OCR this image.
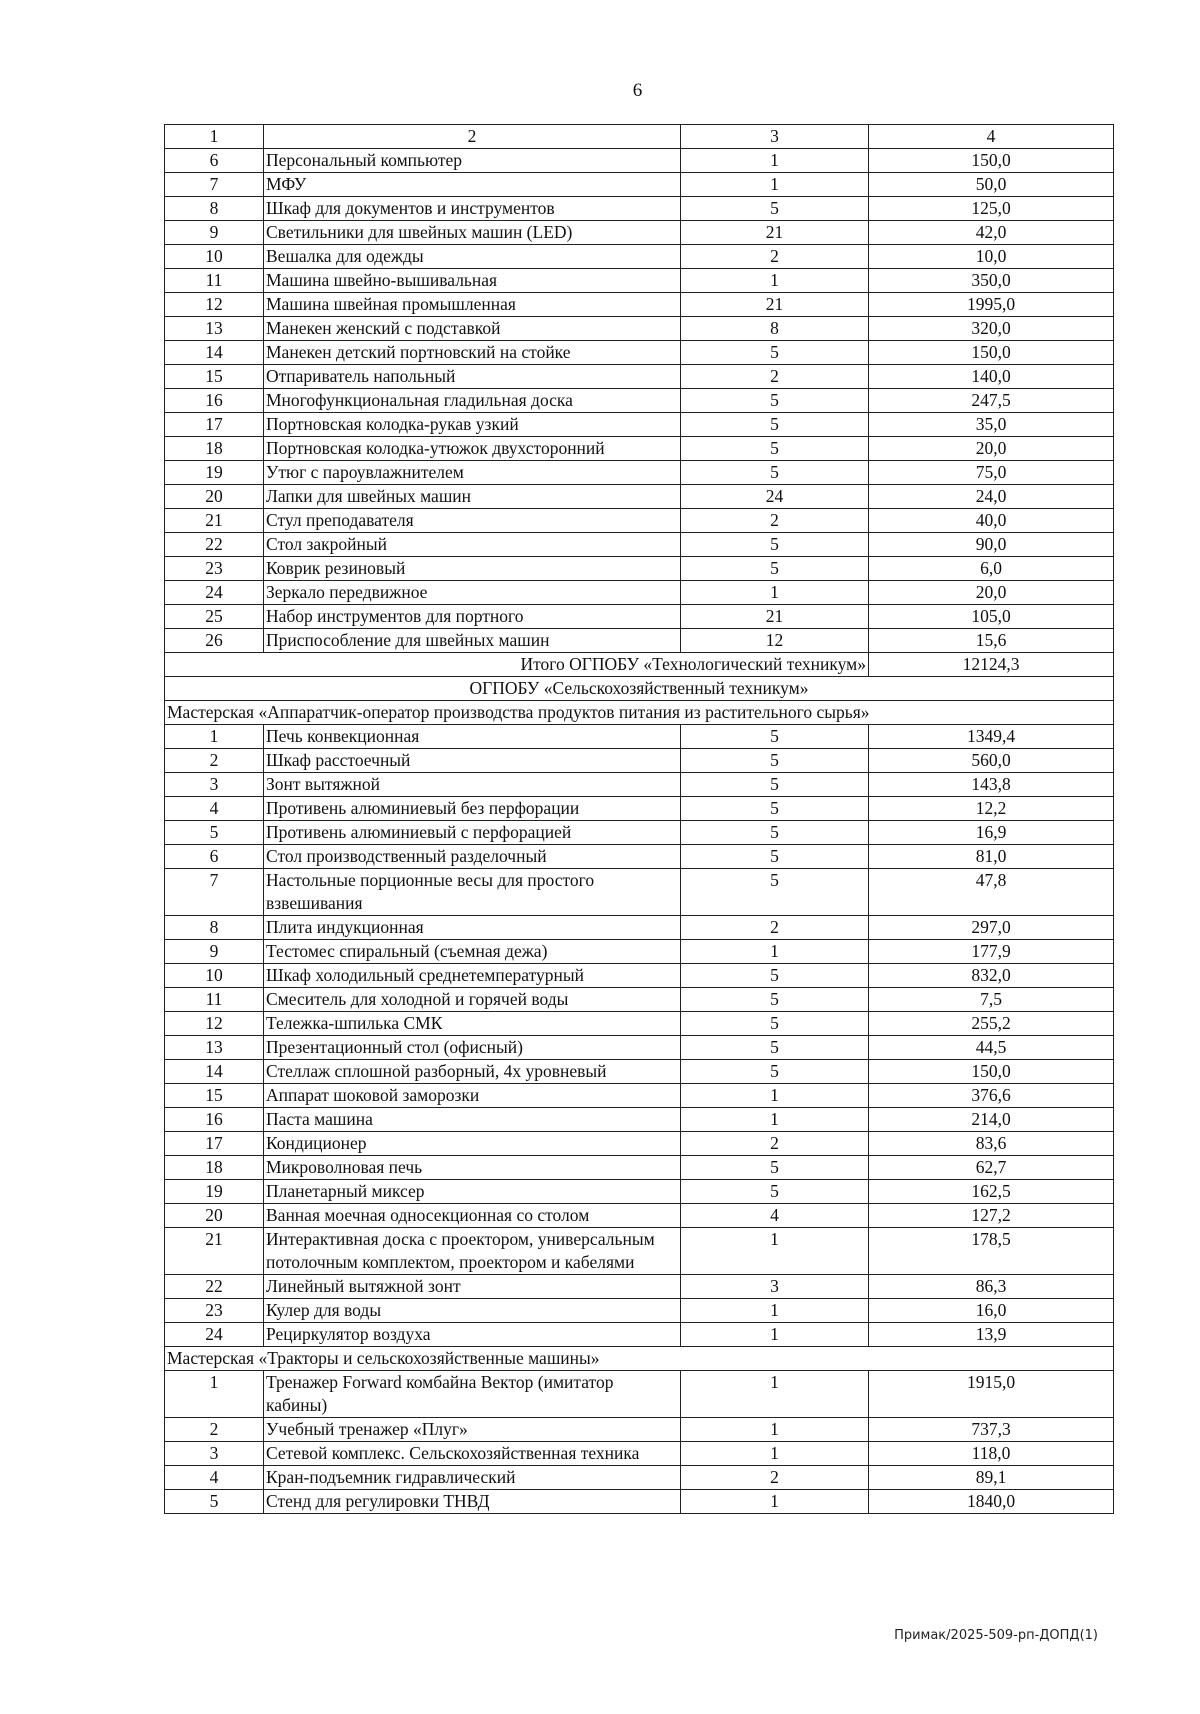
6
1	2	3	4
6	Персональный компьютер	1	150,0
7	МФУ	1	50,0
8	Шкаф для документов и инструментов	5	125,0
9	Светильники для швейных машин (LED)	21	42,0
10	Вешалка для одежды	2	10,0
11	Машина швейно-вышивальная	1	350,0
12	Машина швейная промышленная	21	1995,0
13	Манекен женский с подставкой	8	320,0
14	Манекен детский портновский на стойке	5	150,0
15	Отпариватель напольный	2	140,0
16	Многофункциональная гладильная доска	5	247,5
17	Портновская колодка-рукав узкий	5	35,0
18	Портновская колодка-утюжок двухсторонний	5	20,0
19	Утюг с пароувлажнителем	5	75,0
20	Лапки для швейных машин	24	24,0
21	Стул преподавателя	2	40,0
22	Стол закройный	5	90,0
23	Коврик резиновый	5	6,0
24	Зеркало передвижное	1	20,0
25	Набор инструментов для портного	21	105,0
26	Приспособление для швейных машин	12	15,6
Итого ОГПОБУ «Технологический техникум»			12124,3
ОГПОБУ «Сельскохозяйственный техникум»			
Мастерская «Аппаратчик-оператор производства продуктов питания из растительного сырья»			
1	Печь конвекционная	5	1349,4
2	Шкаф расстоечный	5	560,0
3	Зонт вытяжной	5	143,8
4	Противень алюминиевый без перфорации	5	12,2
5	Противень алюминиевый с перфорацией	5	16,9
6	Стол производственный разделочный	5	81,0
7	Настольные порционные весы для простого взвешивания	5	47,8
8	Плита индукционная	2	297,0
9	Тестомес спиральный (съемная дежа)	1	177,9
10	Шкаф холодильный среднетемпературный	5	832,0
11	Смеситель для холодной и горячей воды	5	7,5
12	Тележка-шпилька СМК	5	255,2
13	Презентационный стол (офисный)	5	44,5
14	Стеллаж сплошной разборный, 4х уровневый	5	150,0
15	Аппарат шоковой заморозки	1	376,6
16	Паста машина	1	214,0
17	Кондиционер	2	83,6
18	Микроволновая печь	5	62,7
19	Планетарный миксер	5	162,5
20	Ванная моечная односекционная со столом	4	127,2
21	Интерактивная доска с проектором, универсальным потолочным комплектом, проектором и кабелями	1	178,5
22	Линейный вытяжной зонт	3	86,3
23	Кулер для воды	1	16,0
24	Рециркулятор воздуха	1	13,9
Мастерская «Тракторы и сельскохозяйственные машины»			
1	Тренажер Forward комбайна Вектор (имитатор кабины)	1	1915,0
2	Учебный тренажер «Плуг»	1	737,3
3	Сетевой комплекс. Сельскохозяйственная техника	1	118,0
4	Кран-подъемник гидравлический	2	89,1
5	Стенд для регулировки ТНВД	1	1840,0
Примак/2025-509-рп-ДОПД(1)
